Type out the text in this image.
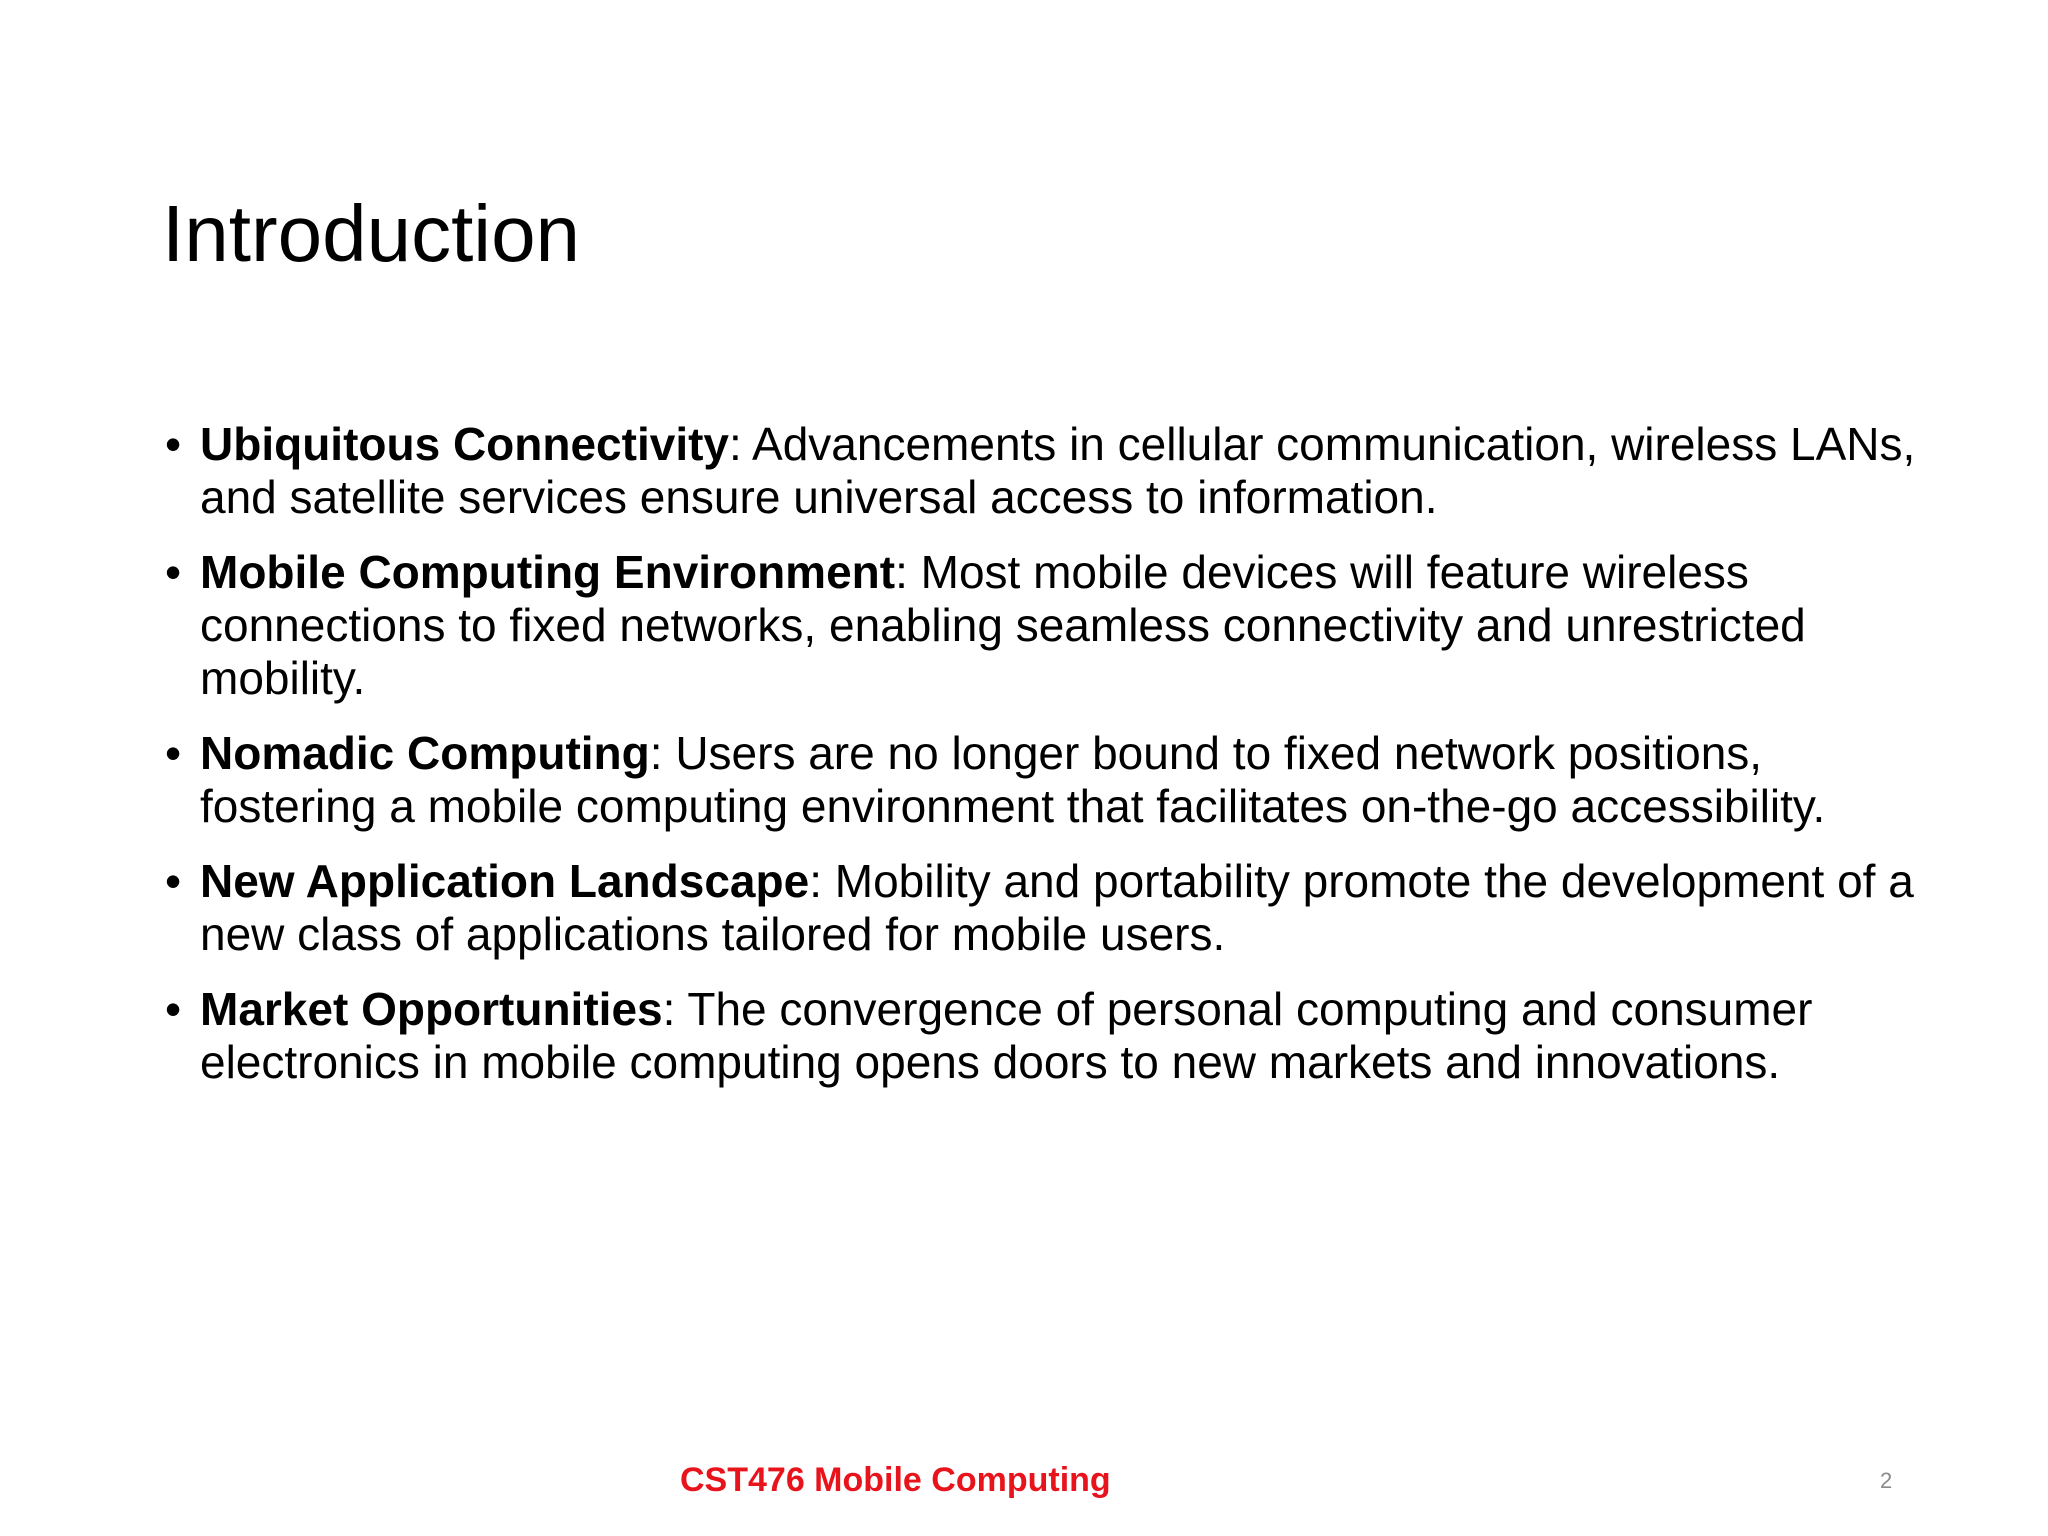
Introduction
• Ubiquitous Connectivity: Advancements in cellular communication, wireless LANs, and satellite services ensure universal access to information.
• Mobile Computing Environment: Most mobile devices will feature wireless connections to fixed networks, enabling seamless connectivity and unrestricted mobility.
• Nomadic Computing: Users are no longer bound to fixed network positions, fostering a mobile computing environment that facilitates on-the-go accessibility.
• New Application Landscape: Mobility and portability promote the development of a new class of applications tailored for mobile users.
• Market Opportunities: The convergence of personal computing and consumer electronics in mobile computing opens doors to new markets and innovations.
CST476 Mobile Computing	2
